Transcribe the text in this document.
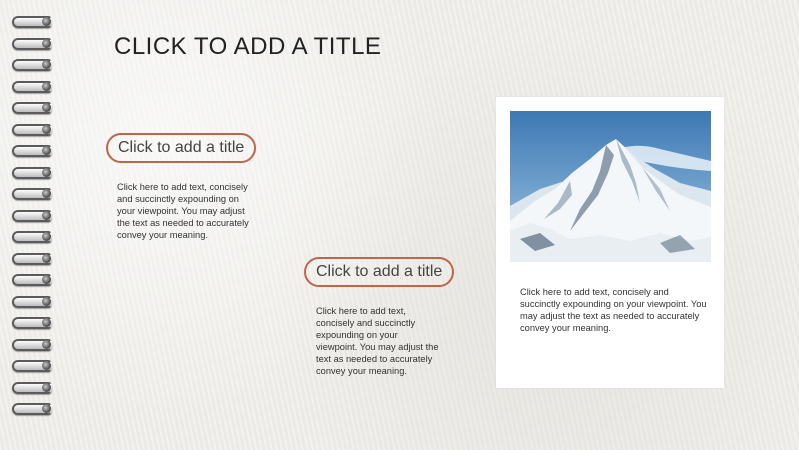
CLICK TO ADD A TITLE
Click to add a title

Click here to add text, concisely and succinctly expounding on your viewpoint. You may adjust the text as needed to accurately convey your meaning.

Click to add a title

Click here to add text, concisely and succinctly expounding on your viewpoint. You may adjust the text as needed to accurately convey your meaning.

Click here to add text, concisely and succinctly expounding on your viewpoint. You may adjust the text as needed to accurately convey your meaning.
